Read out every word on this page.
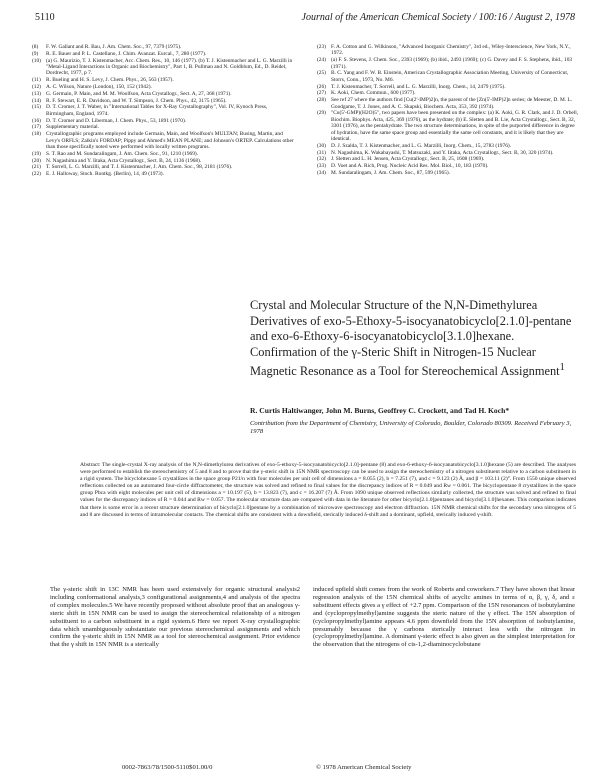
5110	Journal of the American Chemical Society / 100:16 / August 2, 1978
(8) F. W. Gallant and R. Bau, J. Am. Chem. Soc., 97, 7379 (1975).
(9) R. E. Bauer and P. L. Castellano, J. Chim. Avanzat. Eurcal., 7, 280 (1977).
(10) (a) G. Maurizio, T. J. Kistenmacher, Acc. Chem. Res., 10, 146 (1977). (b) T. J. Kistenmacher and L. G. Marzilli in "Metal-Ligand Interactions in Organic and Biochemistry", Part 1, B. Pullman and N. Goldblum, Ed., D. Reidel, Dordrecht, 1977, p 7.
(11) R. Bueling and H. S. Levy, J. Chem. Phys., 26, 563 (1957).
(12) A. C. Wilson, Nature (London), 150, 152 (1942).
(13) G. Germain, P. Main, and M. M. Woolfson, Acta Crystallogr., Sect. A, 27, 368 (1971).
(14) R. F. Stewart, E. R. Davidson, and W. T. Simpson, J. Chem. Phys., 42, 3175 (1965).
(15) D. T. Cromer, J. T. Waber, in "International Tables for X-Ray Crystallography", Vol. IV, Kynoch Press, Birmingham, England, 1974.
(16) D. T. Cromer and D. Liberman, J. Chem. Phys., 53, 1891 (1970).
(17) Supplementary material.
(18) Crystallographic programs employed include Germain, Main, and Woolfson's MULTAN; Busing, Martin, and Levy's ORFLS; Zalkin's FORDAP; Pippy and Ahmed's MEAN PLANE; and Johnson's ORTEP. Calculations other than those specifically noted were performed with locally written programs.
(19) S. T. Rao and M. Sundaralingam, J. Am. Chem. Soc., 91, 1210 (1969).
(20) N. Nagashima and Y. Iitaka, Acta Crystallogr., Sect. B, 24, 1136 (1968).
(21) T. Sorrell, L. G. Marzilli, and T. J. Kistenmacher, J. Am. Chem. Soc., 98, 2181 (1976).
(22) E. J. Halloway, Stoch. Rontkg. (Berlin), 14, 49 (1973).
(23) F. A. Cotton and G. Wilkinson, "Advanced Inorganic Chemistry", 3rd ed., Wiley-Interscience, New York, N.Y., 1972.
(24) (a) F. S. Stevens, J. Chem. Soc., 2393 (1969); (b) ibid., 2493 (1969); (c) G. Davey and F. S. Stephens, ibid., 103 (1971).
(25) B. C. Yang and F. W. B. Einstein, American Crystallographic Association Meeting, University of Connecticut, Storrs, Conn., 1973, No. M6.
(26) T. J. Kistenmacher, T. Sorrell, and L. G. Marzilli, Inorg. Chem., 14, 2479 (1975).
(27) K. Aoki, Chem. Commun., 600 (1977).
(28) See ref 27 where the authors find [Cu(2'-IMP)2]n, the parent of the [Zn(5'-IMP)2]n series; de Meester, D. M. L. Goodgame, T. J. Jones, and A. C. Skapski, Biochem. Acta, 353, 392 (1974).
(29) "Cu(5'-GMP)(H2O)5", two papers have been presented on the complex: (a) K. Aoki, G. R. Clark, and J. D. Orbell, Biochim. Biophys. Acta, 425, 369 (1976), as the hydrate; (b) E. Sletten and B. Lie, Acta Crystallogr., Sect. B, 32, 3301 (1976), as the pentahydrate. The two structure determinations, in spite of the purported difference in degree of hydration, have the same space group and essentially the same cell constants, and it is likely that they are identical.
(30) D. J. Szalda, T. J. Kistenmacher, and L. G. Marzilli, Inorg. Chem., 15, 2783 (1976).
(31) N. Nagashima, K. Wakabayashi, T. Matsuzaki, and Y. Iitaka, Acta Crystallogr., Sect. B, 30, 320 (1974).
(32) J. Sletten and L. H. Jensen, Acta Crystallogr., Sect. B, 25, 1608 (1969).
(33) D. Voet and A. Rich, Prog. Nucleic Acid Res. Mol. Biol., 10, 183 (1970).
(34) M. Sundaralingam, J. Am. Chem. Soc., 87, 599 (1965).
Crystal and Molecular Structure of the N,N-Dimethylurea Derivatives of exo-5-Ethoxy-5-isocyanatobicyclo[2.1.0]-pentane and exo-6-Ethoxy-6-isocyanatobicyclo[3.1.0]hexane. Confirmation of the γ-Steric Shift in Nitrogen-15 Nuclear Magnetic Resonance as a Tool for Stereochemical Assignment$^1$
R. Curtis Haltiwanger, John M. Burns, Geoffrey C. Crockett, and Tad H. Koch*
Contribution from the Department of Chemistry, University of Colorado, Boulder, Colorado 80309. Received February 3, 1978

Abstract: The single-crystal X-ray analysis of the N,N-dimethylurea derivatives of exo-5-ethoxy-5-isocyanatobicyclo[2.1.0]-pentane (8) and exo-6-ethoxy-6-isocyanatobicyclo[3.1.0]hexane (5) are described. The analyses were performed to establish the stereochemistry of 5 and 8 and to prove that the γ-steric shift in 15N NMR spectroscopy can be used to assign the stereochemistry of a nitrogen substituent relative to a carbon substituent in a rigid system. The bicyclohexane 5 crystallizes in the space group P21/n with four molecules per unit cell of dimensions a = 8.055 (2), b = 7.251 (7), and c = 9.123 (2) Å, and β = 103.11 (2)°. From 1550 unique observed reflections collected on an automated four-circle diffractometer, the structure was solved and refined to final values for the discrepancy indices of R = 0.049 and Rw = 0.061. The bicyclopentane 8 crystallizes in the space group Pbca with eight molecules per unit cell of dimensions a = 10.197 (5), b = 13.823 (7), and c = 16.207 (7) Å. From 1090 unique observed reflections similarly collected, the structure was solved and refined to final values for the discrepancy indices of R = 0.044 and Rw = 0.057. The molecular structure data are compared with data in the literature for other bicyclo[2.1.0]pentanes and bicyclo[3.1.0]hexanes. This comparison indicates that there is some error in a recent structure determination of bicyclo[2.1.0]pentane by a combination of microwave spectroscopy and electron diffraction. 15N NMR chemical shifts for the secondary urea nitrogens of 5 and 8 are discussed in terms of intramolecular contacts. The chemical shifts are consistent with a downfield, sterically induced δ-shift and a dominant, upfield, sterically induced γ-shift.

The γ-steric shift in 13C NMR has been used extensively for organic structural analysis2 including conformational analysis,3 configurational assignments,4 and analysis of the spectra of complex molecules.5 We have recently proposed without absolute proof that an analogous γ-steric shift in 15N NMR can be used to assign the stereochemical relationship of a nitrogen substituent to a carbon substituent in a rigid system.6 Here we report X-ray crystallographic data which unambiguously substantiate our previous stereochemical assignments and which confirm the γ-steric shift in 15N NMR as a tool for stereochemical assignment. Prior evidence that the γ shift in 15N NMR is a sterically

induced upfield shift comes from the work of Roberts and coworkers.7 They have shown that linear regression analysis of the 15N chemical shifts of acyclic amines in terms of α, β, γ, δ, and ε substituent effects gives a γ effect of +2.7 ppm. Comparison of the 15N resonances of isobutylamine and (cyclopropylmethyl)amine suggests the steric nature of the γ effect. The 15N absorption of (cyclopropylmethyl)amine appears 4.6 ppm downfield from the 15N absorption of isobutylamine, presumably because the γ carbons sterically interact less with the nitrogen in (cyclopropylmethyl)amine. A dominant γ-steric effect is also given as the simplest interpretation for the observation that the nitrogens of cis-1,2-diaminocyclobutane

0002-7863/78/1500-5110$01.00/0	© 1978 American Chemical Society
